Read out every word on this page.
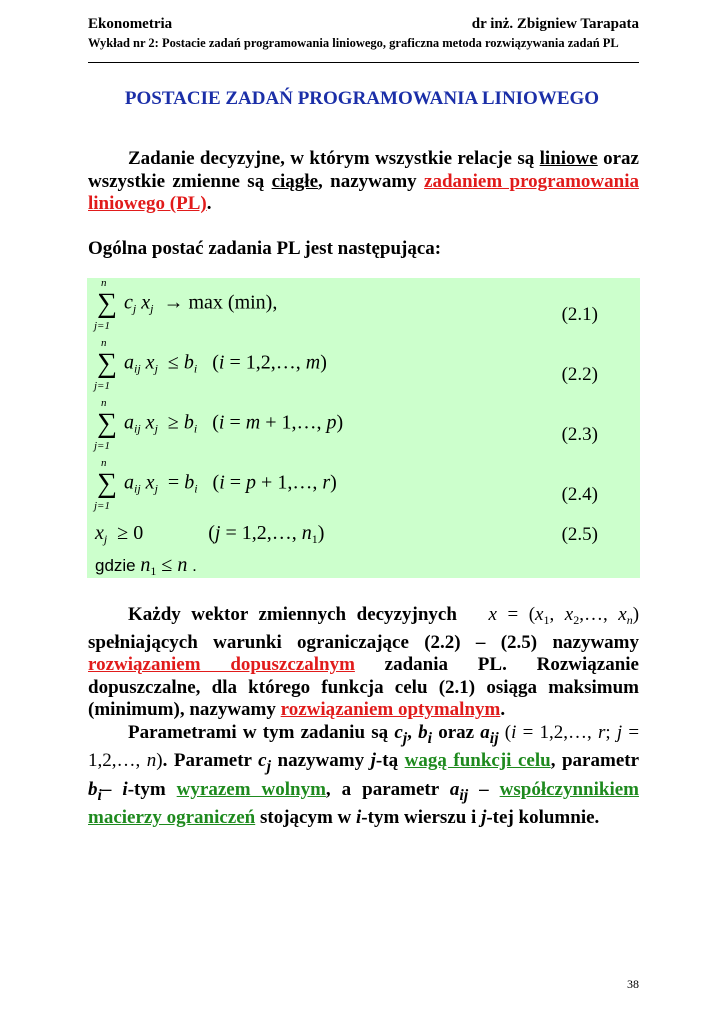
Ekonometria	dr inż. Zbigniew Tarapata
Wykład nr 2: Postacie zadań programowania liniowego, graficzna metoda rozwiązywania zadań PL
POSTACIE ZADAŃ PROGRAMOWANIA LINIOWEGO
Zadanie decyzyjne, w którym wszystkie relacje są liniowe oraz wszystkie zmienne są ciągłe, nazywamy zadaniem programowania liniowego (PL).
Ogólna postać zadania PL jest następująca:
n
∑
j=1
$c_j$ $x_j \to \max (\min)$,
(2.1)
n
∑
j=1
$a_{ij}$ $x_j \le b_i$   (i = 1,2,…, m)
(2.2)
n
∑
j=1
$a_{ij}$ $x_j \ge b_i$   (i = m + 1,…, p)
(2.3)
n
∑
j=1
$a_{ij}$ $x_j = b_i$   (i = p + 1,…, r)
(2.4)
$x_j \ge 0$             (j = 1,2,…, $n_1$)	(2.5)
gdzie $n_1 \le n$ .
Każdy wektor zmiennych decyzyjnych $x = (x_1$, $x_2,\dots$, $x_n$) spełniających warunki ograniczające (2.2) – (2.5) nazywamy rozwiązaniem dopuszczalnym zadania PL. Rozwiązanie dopuszczalne, dla którego funkcja celu (2.1) osiąga maksimum (minimum), nazywamy rozwiązaniem optymalnym.
Parametrami w tym zadaniu są $c_j$, $b_i$ oraz $a_{ij}$ (i = 1,2,…, r; j = 1,2,…, n). Parametr $c_j$ nazywamy j-tą wagą funkcji celu, parametr $b_i-$ i-tym wyrazem wolnym, a parametr $a_{ij}$ – współczynnikiem macierzy ograniczeń stojącym w i-tym wierszu i j-tej kolumnie.
38
